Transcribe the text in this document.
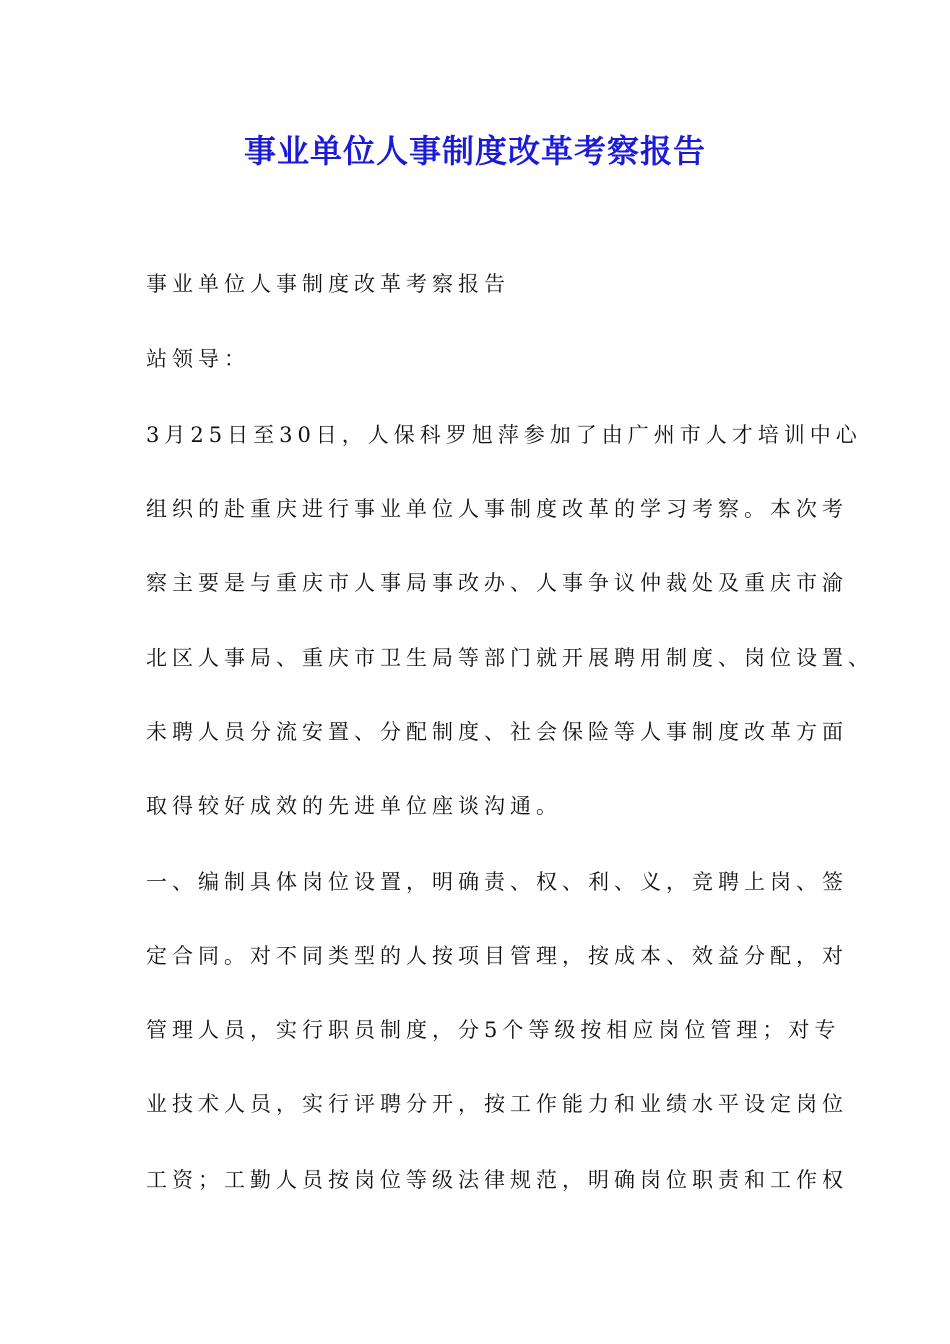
事业单位人事制度改革考察报告
事业单位人事制度改革考察报告
站领导：
3月25日至30日，人保科罗旭萍参加了由广州市人才培训中心
组织的赴重庆进行事业单位人事制度改革的学习考察。本次考
察主要是与重庆市人事局事改办、人事争议仲裁处及重庆市渝
北区人事局、重庆市卫生局等部门就开展聘用制度、岗位设置、
未聘人员分流安置、分配制度、社会保险等人事制度改革方面
取得较好成效的先进单位座谈沟通。
一、编制具体岗位设置，明确责、权、利、义，竞聘上岗、签
定合同。对不同类型的人按项目管理，按成本、效益分配，对
管理人员，实行职员制度，分5个等级按相应岗位管理；对专
业技术人员，实行评聘分开，按工作能力和业绩水平设定岗位
工资；工勤人员按岗位等级法律规范，明确岗位职责和工作权
